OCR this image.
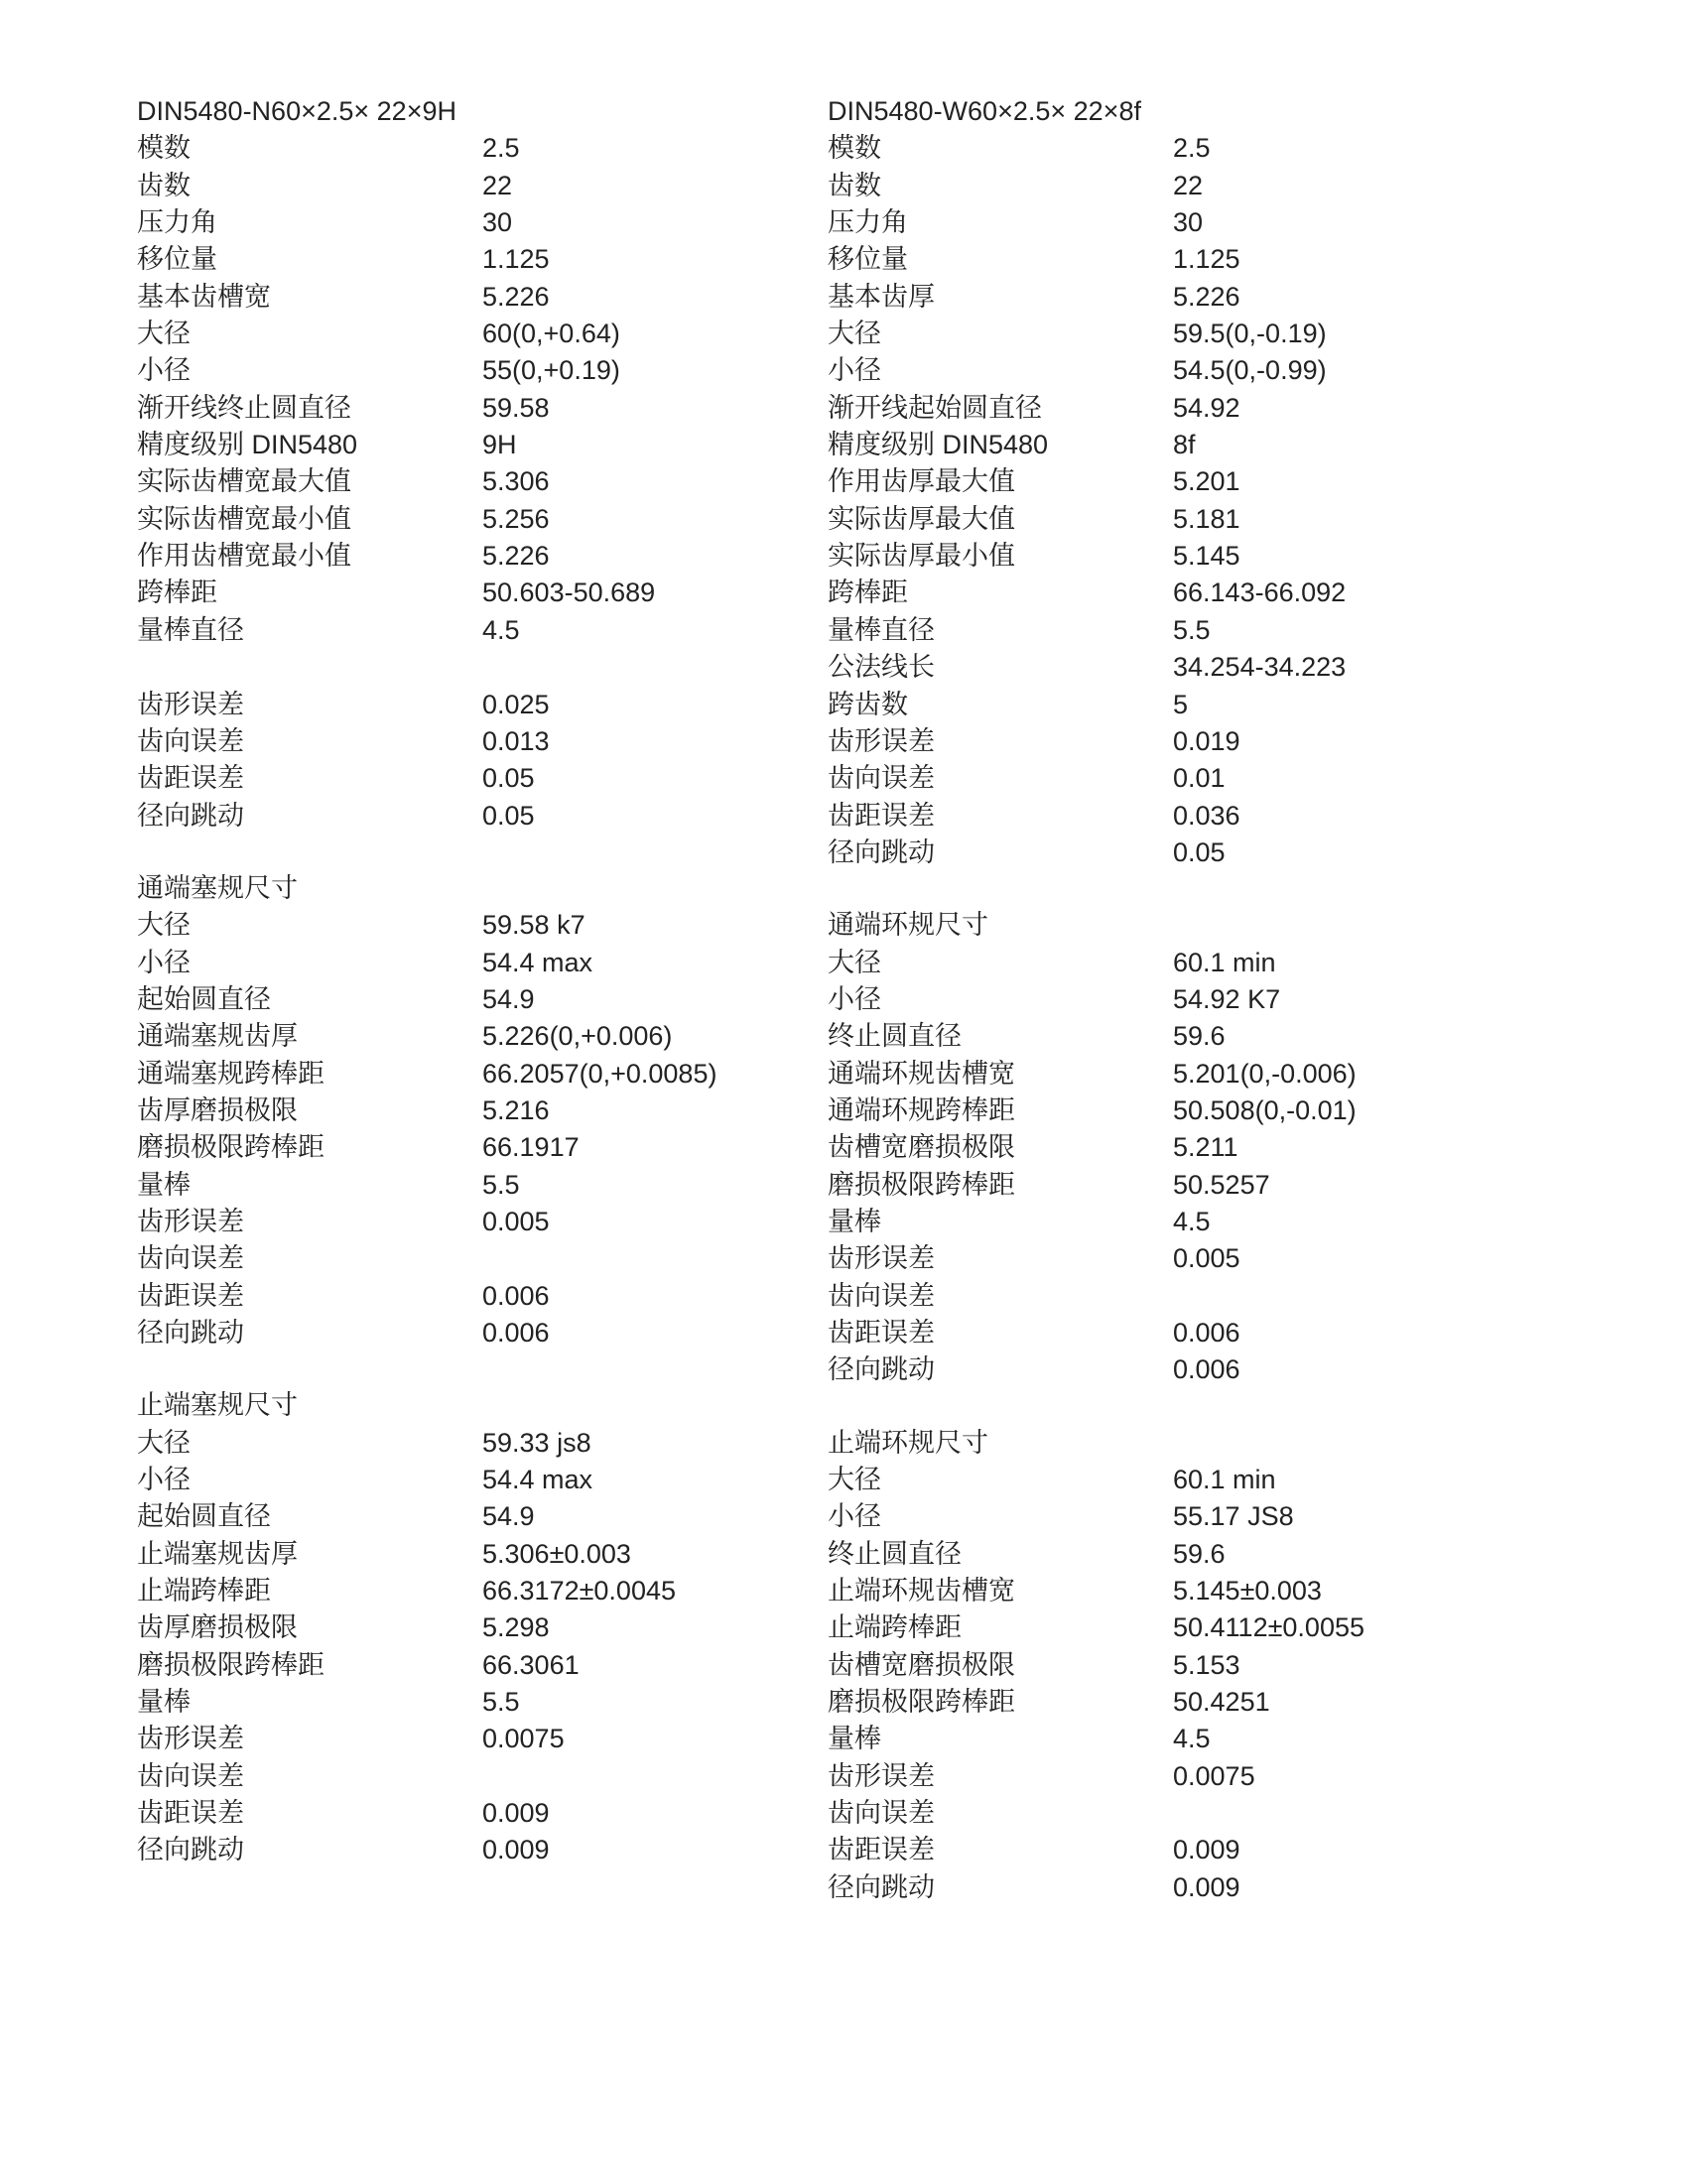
DIN5480-N60×2.5× 22×9H
模数	2.5
齿数	22
压力角	30
移位量	1.125
基本齿槽宽	5.226
大径	60(0,+0.64)
小径	55(0,+0.19)
渐开线终止圆直径	59.58
精度级别 DIN5480	9H
实际齿槽宽最大值	5.306
实际齿槽宽最小值	5.256
作用齿槽宽最小值	5.226
跨棒距	50.603-50.689
量棒直径	4.5
齿形误差	0.025
齿向误差	0.013
齿距误差	0.05
径向跳动	0.05
通端塞规尺寸
大径	59.58 k7
小径	54.4 max
起始圆直径	54.9
通端塞规齿厚	5.226(0,+0.006)
通端塞规跨棒距	66.2057(0,+0.0085)
齿厚磨损极限	5.216
磨损极限跨棒距	66.1917
量棒	5.5
齿形误差	0.005
齿向误差
齿距误差	0.006
径向跳动	0.006
止端塞规尺寸
大径	59.33 js8
小径	54.4 max
起始圆直径	54.9
止端塞规齿厚	5.306±0.003
止端跨棒距	66.3172±0.0045
齿厚磨损极限	5.298
磨损极限跨棒距	66.3061
量棒	5.5
齿形误差	0.0075
齿向误差
齿距误差	0.009
径向跳动	0.009
DIN5480-W60×2.5× 22×8f
模数	2.5
齿数	22
压力角	30
移位量	1.125
基本齿厚	5.226
大径	59.5(0,-0.19)
小径	54.5(0,-0.99)
渐开线起始圆直径	54.92
精度级别 DIN5480	8f
作用齿厚最大值	5.201
实际齿厚最大值	5.181
实际齿厚最小值	5.145
跨棒距	66.143-66.092
量棒直径	5.5
公法线长	34.254-34.223
跨齿数	5
齿形误差	0.019
齿向误差	0.01
齿距误差	0.036
径向跳动	0.05
通端环规尺寸
大径	60.1 min
小径	54.92 K7
终止圆直径	59.6
通端环规齿槽宽	5.201(0,-0.006)
通端环规跨棒距	50.508(0,-0.01)
齿槽宽磨损极限	5.211
磨损极限跨棒距	50.5257
量棒	4.5
齿形误差	0.005
齿向误差
齿距误差	0.006
径向跳动	0.006
止端环规尺寸
大径	60.1 min
小径	55.17 JS8
终止圆直径	59.6
止端环规齿槽宽	5.145±0.003
止端跨棒距	50.4112±0.0055
齿槽宽磨损极限	5.153
磨损极限跨棒距	50.4251
量棒	4.5
齿形误差	0.0075
齿向误差
齿距误差	0.009
径向跳动	0.009
